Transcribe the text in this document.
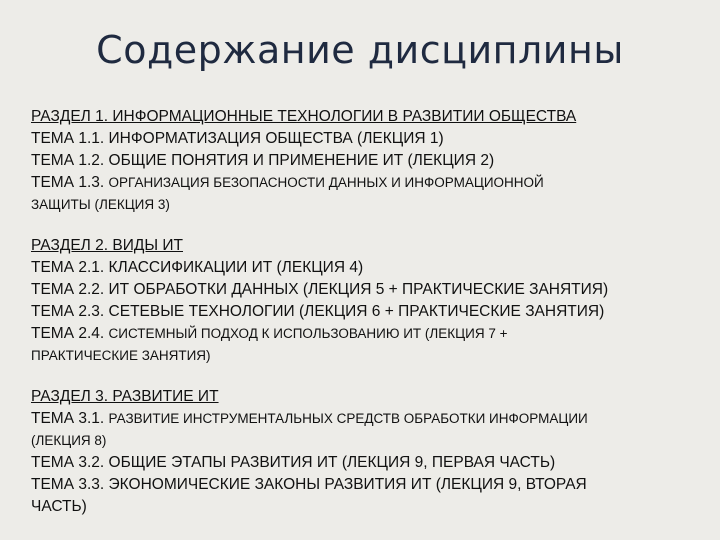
Содержание дисциплины
РАЗДЕЛ 1. ИНФОРМАЦИОННЫЕ ТЕХНОЛОГИИ В РАЗВИТИИ ОБЩЕСТВА
ТЕМА 1.1. ИНФОРМАТИЗАЦИЯ ОБЩЕСТВА (ЛЕКЦИЯ 1)
ТЕМА 1.2. ОБЩИЕ ПОНЯТИЯ И ПРИМЕНЕНИЕ ИТ (ЛЕКЦИЯ 2)
ТЕМА 1.3. ОРГАНИЗАЦИЯ БЕЗОПАСНОСТИ ДАННЫХ И ИНФОРМАЦИОННОЙ
ЗАЩИТЫ (ЛЕКЦИЯ 3)
РАЗДЕЛ 2. ВИДЫ ИТ
ТЕМА 2.1. КЛАССИФИКАЦИИ ИТ (ЛЕКЦИЯ 4)
ТЕМА 2.2. ИТ ОБРАБОТКИ ДАННЫХ (ЛЕКЦИЯ 5 + ПРАКТИЧЕСКИЕ ЗАНЯТИЯ)
ТЕМА 2.3. СЕТЕВЫЕ ТЕХНОЛОГИИ (ЛЕКЦИЯ 6 + ПРАКТИЧЕСКИЕ ЗАНЯТИЯ)
ТЕМА 2.4. СИСТЕМНЫЙ ПОДХОД К ИСПОЛЬЗОВАНИЮ ИТ (ЛЕКЦИЯ 7 +
ПРАКТИЧЕСКИЕ ЗАНЯТИЯ)
РАЗДЕЛ 3. РАЗВИТИЕ ИТ
ТЕМА 3.1. РАЗВИТИЕ ИНСТРУМЕНТАЛЬНЫХ СРЕДСТВ ОБРАБОТКИ ИНФОРМАЦИИ
(ЛЕКЦИЯ 8)
ТЕМА 3.2. ОБЩИЕ ЭТАПЫ РАЗВИТИЯ ИТ (ЛЕКЦИЯ 9, ПЕРВАЯ ЧАСТЬ)
ТЕМА 3.3. ЭКОНОМИЧЕСКИЕ ЗАКОНЫ РАЗВИТИЯ ИТ (ЛЕКЦИЯ 9, ВТОРАЯ
ЧАСТЬ)
